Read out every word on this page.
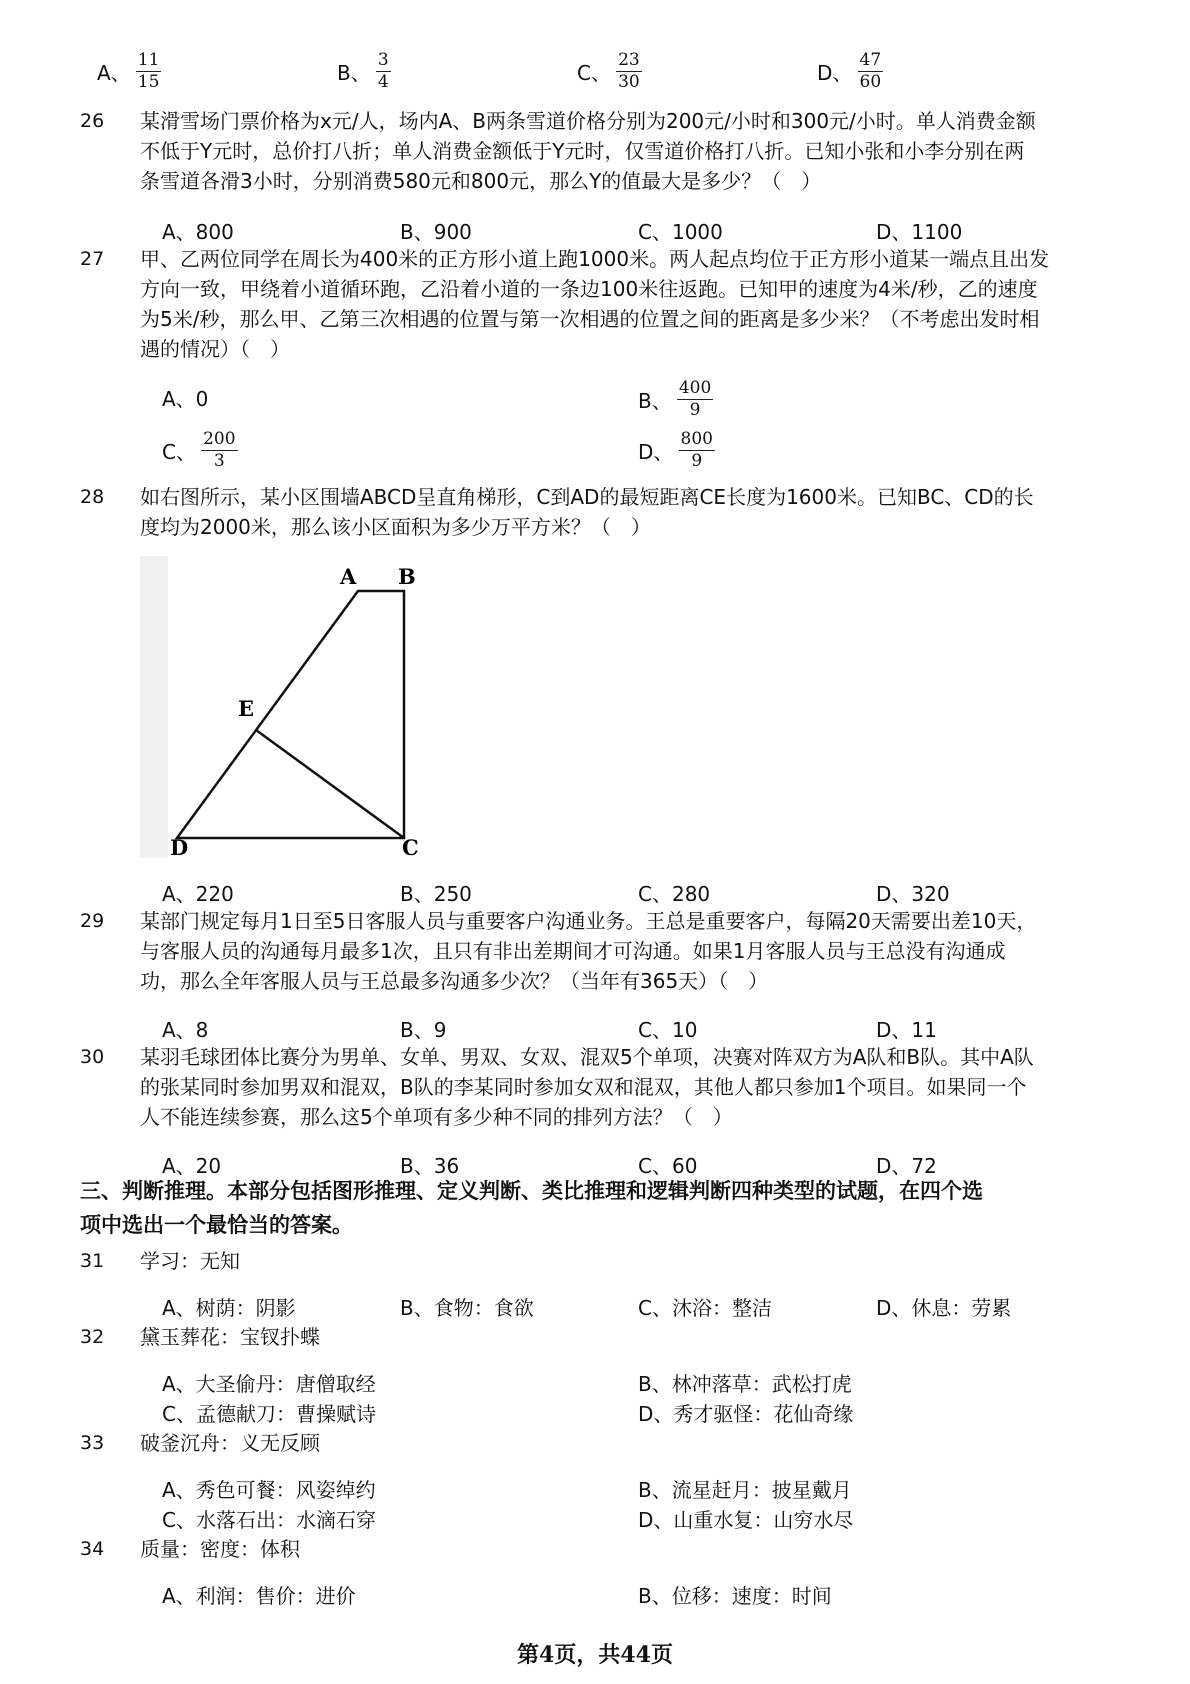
A、 $\frac{11}{15}$	B、 $\frac{3}{4}$	C、 $\frac{23}{30}$	D、 $\frac{47}{60}$
26 某滑雪场门票价格为x元/人，场内A、B两条雪道价格分别为200元/小时和300元/小时。单人消费金额
不低于Y元时，总价打八折；单人消费金额低于Y元时，仅雪道价格打八折。已知小张和小李分别在两
条雪道各滑3小时，分别消费580元和800元，那么Y的值最大是多少？（　）
A、800	B、900	C、1000	D、1100
27 甲、乙两位同学在周长为400米的正方形小道上跑1000米。两人起点均位于正方形小道某一端点且出发
方向一致，甲绕着小道循环跑，乙沿着小道的一条边100米往返跑。已知甲的速度为4米/秒，乙的速度
为5米/秒，那么甲、乙第三次相遇的位置与第一次相遇的位置之间的距离是多少米？（不考虑出发时相
遇的情况）（　）
A、0	B、 $\frac{400}{9}$
C、 $\frac{200}{3}$	D、 $\frac{800}{9}$
28 如右图所示，某小区围墙ABCD呈直角梯形，C到AD的最短距离CE长度为1600米。已知BC、CD的长
度均为2000米，那么该小区面积为多少万平方米？（　）
A B
E
D	C
A、220	B、250	C、280	D、320
29 某部门规定每月1日至5日客服人员与重要客户沟通业务。王总是重要客户，每隔20天需要出差10天，
与客服人员的沟通每月最多1次，且只有非出差期间才可沟通。如果1月客服人员与王总没有沟通成
功，那么全年客服人员与王总最多沟通多少次？（当年有365天）（　）
A、8	B、9	C、10	D、11
30 某羽毛球团体比赛分为男单、女单、男双、女双、混双5个单项，决赛对阵双方为A队和B队。其中A队
的张某同时参加男双和混双，B队的李某同时参加女双和混双，其他人都只参加1个项目。如果同一个
人不能连续参赛，那么这5个单项有多少种不同的排列方法？（　）
A、20	B、36	C、60	D、72
三、判断推理。本部分包括图形推理、定义判断、类比推理和逻辑判断四种类型的试题，在四个选
项中选出一个最恰当的答案。
31 学习：无知
A、树荫：阴影	B、食物：食欲	C、沐浴：整洁	D、休息：劳累
32 黛玉葬花：宝钗扑蝶
A、大圣偷丹：唐僧取经	B、林冲落草：武松打虎
C、孟德献刀：曹操赋诗	D、秀才驱怪：花仙奇缘
33 破釜沉舟：义无反顾
A、秀色可餐：风姿绰约	B、流星赶月：披星戴月
C、水落石出：水滴石穿	D、山重水复：山穷水尽
34 质量：密度：体积
A、利润：售价：进价	B、位移：速度：时间
第4页，共44页
